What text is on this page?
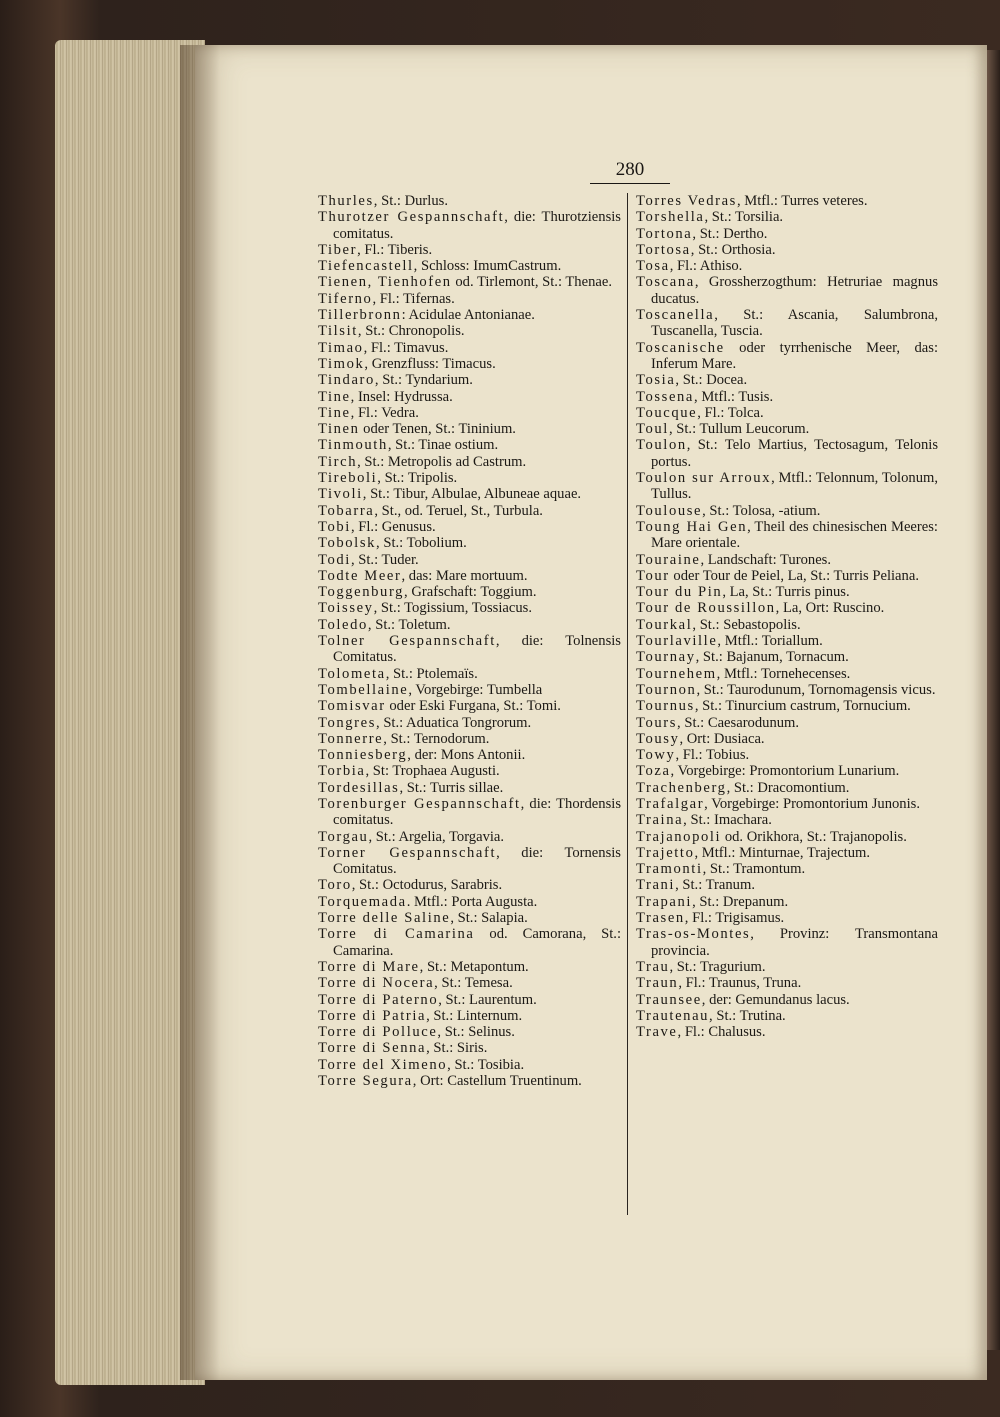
280

Thurles, St.: Durlus.

Thurotzer Gespannschaft, die: Thurotziensis comitatus.

Tiber, Fl.: Tiberis.

Tiefencastell, Schloss: ImumCastrum.

Tienen, Tienhofen od. Tirlemont, St.: Thenae.

Tiferno, Fl.: Tifernas.

Tillerbronn: Acidulae Antonianae.

Tilsit, St.: Chronopolis.

Timao, Fl.: Timavus.

Timok, Grenzfluss: Timacus.

Tindaro, St.: Tyndarium.

Tine, Insel: Hydrussa.

Tine, Fl.: Vedra.

Tinen oder Tenen, St.: Tininium.

Tinmouth, St.: Tinae ostium.

Tirch, St.: Metropolis ad Castrum.

Tireboli, St.: Tripolis.

Tivoli, St.: Tibur, Albulae, Albuneae aquae.

Tobarra, St., od. Teruel, St., Turbula.

Tobi, Fl.: Genusus.

Tobolsk, St.: Tobolium.

Todi, St.: Tuder.

Todte Meer, das: Mare mortuum.

Toggenburg, Grafschaft: Toggium.

Toissey, St.: Togissium, Tossiacus.

Toledo, St.: Toletum.

Tolner Gespannschaft, die: Tolnensis Comitatus.

Tolometa, St.: Ptolemaïs.

Tombellaine, Vorgebirge: Tumbella

Tomisvar oder Eski Furgana, St.: Tomi.

Tongres, St.: Aduatica Tongrorum.

Tonnerre, St.: Ternodorum.

Tonniesberg, der: Mons Antonii.

Torbia, St: Trophaea Augusti.

Tordesillas, St.: Turris sillae.

Torenburger Gespannschaft, die: Thordensis comitatus.

Torgau, St.: Argelia, Torgavia.

Torner Gespannschaft, die: Tornensis Comitatus.

Toro, St.: Octodurus, Sarabris.

Torquemada. Mtfl.: Porta Augusta.

Torre delle Saline, St.: Salapia.

Torre di Camarina od. Camorana, St.: Camarina.

Torre di Mare, St.: Metapontum.

Torre di Nocera, St.: Temesa.

Torre di Paterno, St.: Laurentum.

Torre di Patria, St.: Linternum.

Torre di Polluce, St.: Selinus.

Torre di Senna, St.: Siris.

Torre del Ximeno, St.: Tosibia.

Torre Segura, Ort: Castellum Truentinum.

Torres Vedras, Mtfl.: Turres veteres.

Torshella, St.: Torsilia.

Tortona, St.: Dertho.

Tortosa, St.: Orthosia.

Tosa, Fl.: Athiso.

Toscana, Grossherzogthum: Hetruriae magnus ducatus.

Toscanella, St.: Ascania, Salumbrona, Tuscanella, Tuscia.

Toscanische oder tyrrhenische Meer, das: Inferum Mare.

Tosia, St.: Docea.

Tossena, Mtfl.: Tusis.

Toucque, Fl.: Tolca.

Toul, St.: Tullum Leucorum.

Toulon, St.: Telo Martius, Tectosagum, Telonis portus.

Toulon sur Arroux, Mtfl.: Telonnum, Tolonum, Tullus.

Toulouse, St.: Tolosa, -atium.

Toung Hai Gen, Theil des chinesischen Meeres: Mare orientale.

Touraine, Landschaft: Turones.

Tour oder Tour de Peiel, La, St.: Turris Peliana.

Tour du Pin, La, St.: Turris pinus.

Tour de Roussillon, La, Ort: Ruscino.

Tourkal, St.: Sebastopolis.

Tourlaville, Mtfl.: Toriallum.

Tournay, St.: Bajanum, Tornacum.

Tournehem, Mtfl.: Tornehecenses.

Tournon, St.: Taurodunum, Tornomagensis vicus.

Tournus, St.: Tinurcium castrum, Tornucium.

Tours, St.: Caesarodunum.

Tousy, Ort: Dusiaca.

Towy, Fl.: Tobius.

Toza, Vorgebirge: Promontorium Lunarium.

Trachenberg, St.: Dracomontium.

Trafalgar, Vorgebirge: Promontorium Junonis.

Traina, St.: Imachara.

Trajanopoli od. Orikhora, St.: Trajanopolis.

Trajetto, Mtfl.: Minturnae, Trajectum.

Tramonti, St.: Tramontum.

Trani, St.: Tranum.

Trapani, St.: Drepanum.

Trasen, Fl.: Trigisamus.

Tras-os-Montes, Provinz: Transmontana provincia.

Trau, St.: Tragurium.

Traun, Fl.: Traunus, Truna.

Traunsee, der: Gemundanus lacus.

Trautenau, St.: Trutina.

Trave, Fl.: Chalusus.
